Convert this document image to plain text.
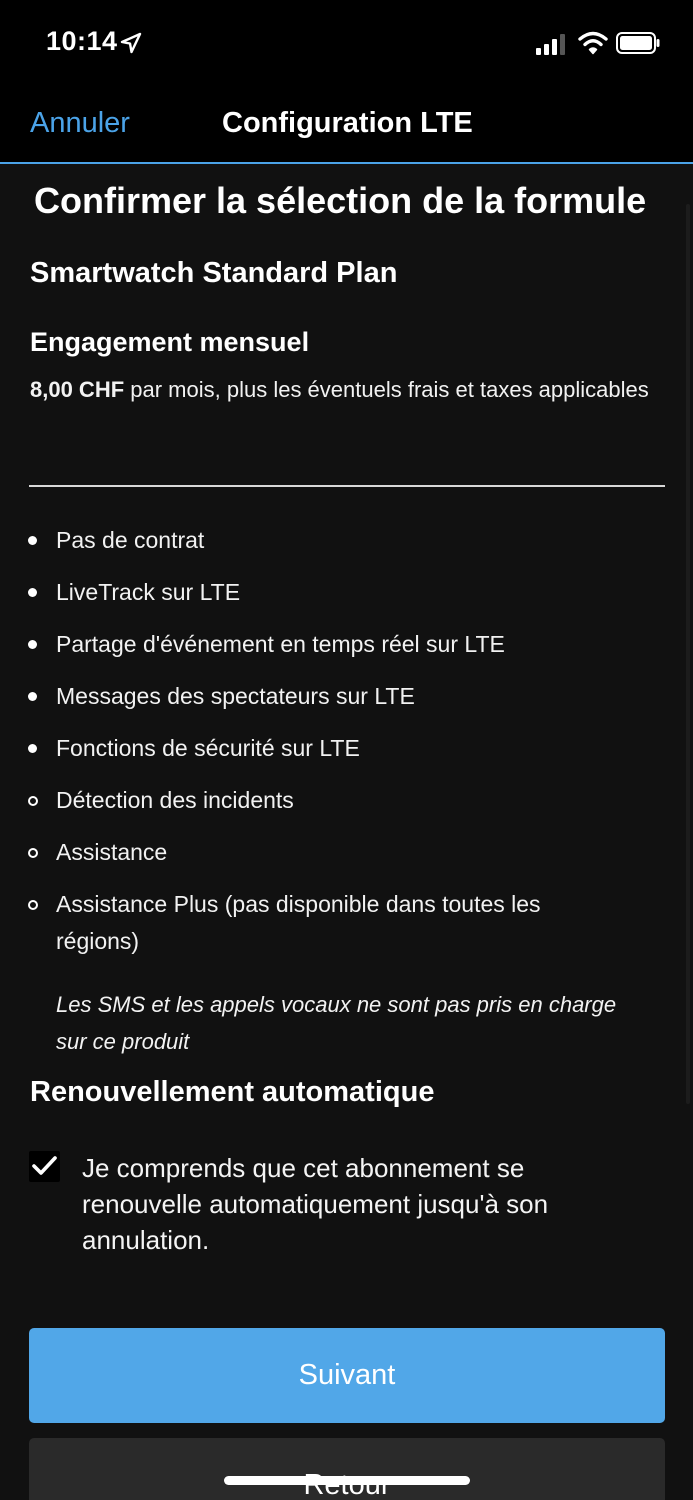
10:14
Annuler	Configuration LTE
Confirmer la sélection de la formule
Smartwatch Standard Plan
Engagement mensuel
8,00 CHF par mois, plus les éventuels frais et taxes applicables
Pas de contrat
LiveTrack sur LTE
Partage d'événement en temps réel sur LTE
Messages des spectateurs sur LTE
Fonctions de sécurité sur LTE
Détection des incidents
Assistance
Assistance Plus (pas disponible dans toutes les régions)
Les SMS et les appels vocaux ne sont pas pris en charge sur ce produit
Renouvellement automatique
Je comprends que cet abonnement se renouvelle automatiquement jusqu'à son annulation.
Suivant
